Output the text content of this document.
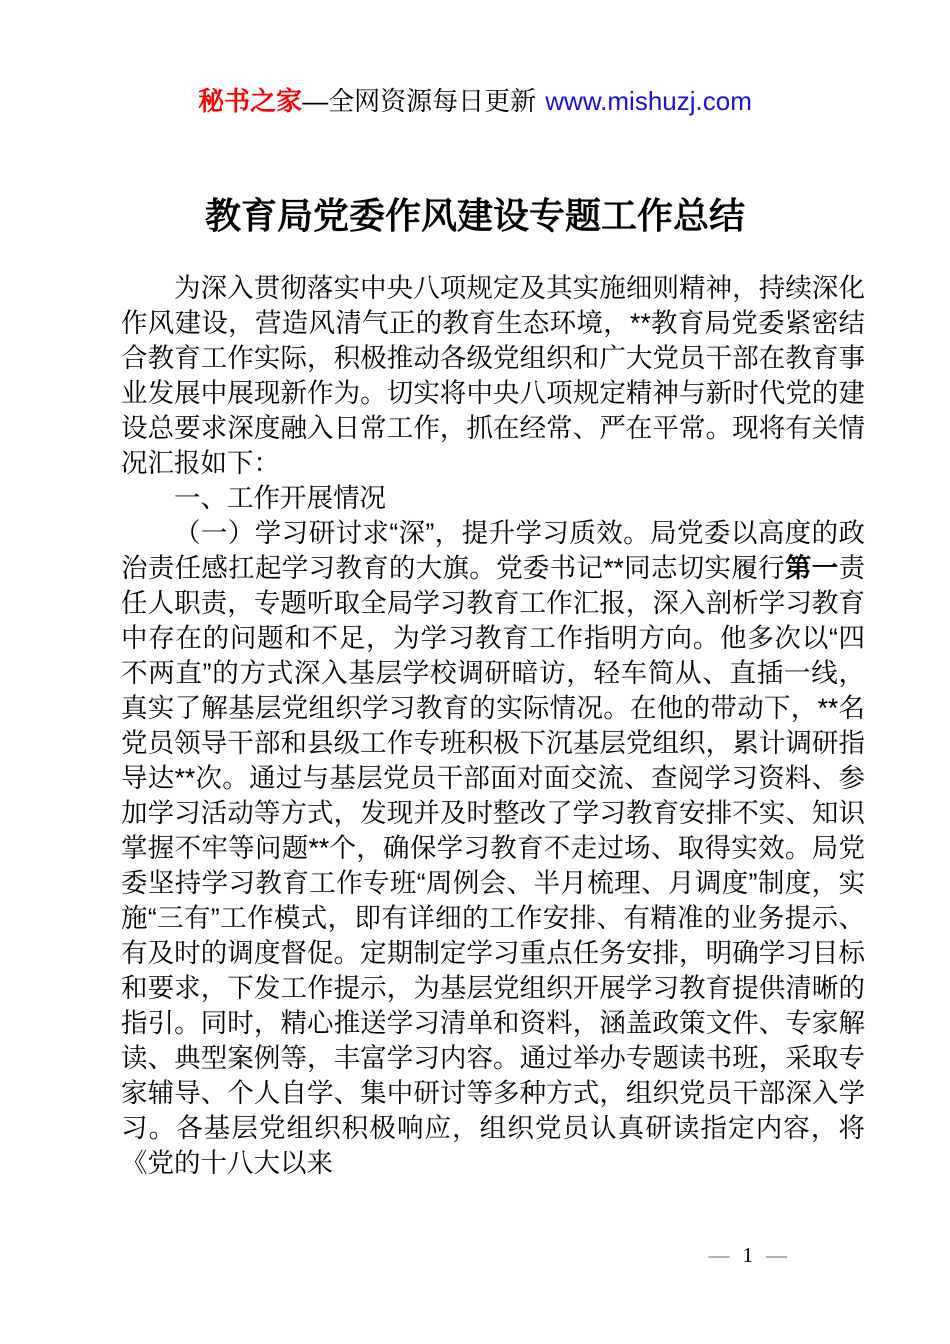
秘书之家—全网资源每日更新 www.mishuzj.com
教育局党委作风建设专题工作总结

为深入贯彻落实中央八项规定及其实施细则精神，持续深化作风建设，营造风清气正的教育生态环境，**教育局党委紧密结合教育工作实际，积极推动各级党组织和广大党员干部在教育事业发展中展现新作为。切实将中央八项规定精神与新时代党的建设总要求深度融入日常工作，抓在经常、严在平常。现将有关情况汇报如下：

一、工作开展情况

（一）学习研讨求“深”，提升学习质效。局党委以高度的政治责任感扛起学习教育的大旗。党委书记**同志切实履行第一责任人职责，专题听取全局学习教育工作汇报，深入剖析学习教育中存在的问题和不足，为学习教育工作指明方向。他多次以“四不两直”的方式深入基层学校调研暗访，轻车简从、直插一线，真实了解基层党组织学习教育的实际情况。在他的带动下，**名党员领导干部和县级工作专班积极下沉基层党组织，累计调研指导达**次。通过与基层党员干部面对面交流、查阅学习资料、参加学习活动等方式，发现并及时整改了学习教育安排不实、知识掌握不牢等问题**个，确保学习教育不走过场、取得实效。局党委坚持学习教育工作专班“周例会、半月梳理、月调度”制度，实施“三有”工作模式，即有详细的工作安排、有精准的业务提示、有及时的调度督促。定期制定学习重点任务安排，明确学习目标和要求，下发工作提示，为基层党组织开展学习教育提供清晰的指引。同时，精心推送学习清单和资料，涵盖政策文件、专家解读、典型案例等，丰富学习内容。通过举办专题读书班，采取专家辅导、个人自学、集中研讨等多种方式，组织党员干部深入学习。各基层党组织积极响应，组织党员认真研读指定内容，将《党的十八大以来

— 1 —
